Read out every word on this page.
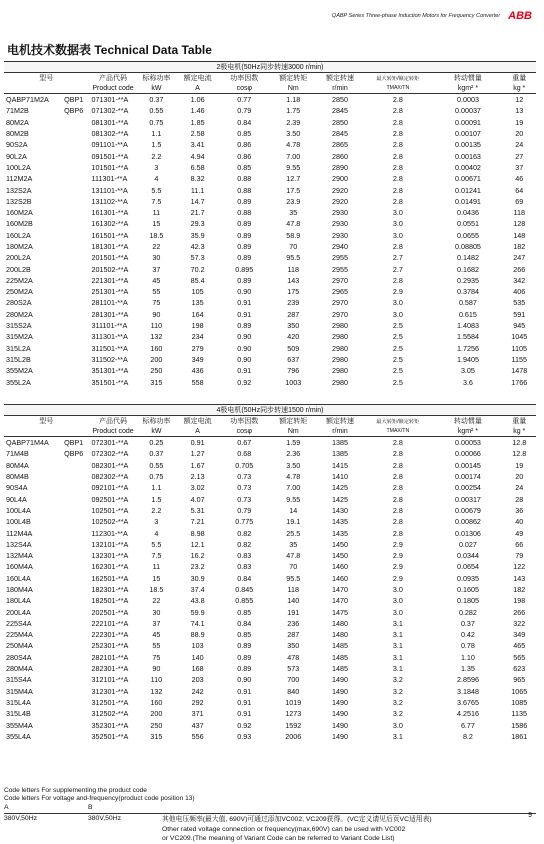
QABP Series Three-phase Induction Motors for Frequency Converter ABB
电机技术数据表 Technical Data Table
2极电机(50Hz同步转速3000 r/min)										
型号		产品代码	标称功率	额定电流	功率因数	额定转矩	额定转速	最大转矩/额定转矩	转动惯量	重量
		Product code	kW	A	cosφ	Nm	r/min	TMAX/TN	kgm² *	kg *
QABP71M2A	QBP1	071301-**A	0.37	1.06	0.77	1.18	2850	2.8	0.0003	12
71M2B	QBP6	071302-**A	0.55	1.46	0.79	1.75	2845	2.8	0.00037	13
80M2A		081301-**A	0.75	1.85	0.84	2.39	2850	2.8	0.00091	19
80M2B		081302-**A	1.1	2.58	0.85	3.50	2845	2.8	0.00107	20
90S2A		091101-**A	1.5	3.41	0.86	4.78	2865	2.8	0.00135	24
90L2A		091501-**A	2.2	4.94	0.86	7.00	2860	2.8	0.00163	27
100L2A		101501-**A	3	6.58	0.85	9.55	2890	2.8	0.00402	37
112M2A		111301-**A	4	8.32	0.88	12.7	2900	2.8	0.00671	46
132S2A		131101-**A	5.5	11.1	0.88	17.5	2920	2.8	0.01241	64
132S2B		131102-**A	7.5	14.7	0.89	23.9	2920	2.8	0.01491	69
160M2A		161301-**A	11	21.7	0.88	35	2930	3.0	0.0436	118
160M2B		161302-**A	15	29.3	0.89	47.8	2930	3.0	0.0551	128
160L2A		161501-**A	18.5	35.9	0.89	58.9	2930	3.0	0.0655	148
180M2A		181301-**A	22	42.3	0.89	70	2940	2.8	0.08805	182
200L2A		201501-**A	30	57.3	0.89	95.5	2955	2.7	0.1482	247
200L2B		201502-**A	37	70.2	0.895	118	2955	2.7	0.1682	266
225M2A		221301-**A	45	85.4	0.89	143	2970	2.8	0.2935	342
250M2A		251301-**A	55	105	0.90	175	2965	2.9	0.3784	406
280S2A		281101-**A	75	135	0.91	239	2970	3.0	0.587	535
280M2A		281301-**A	90	164	0.91	287	2970	3.0	0.615	591
315S2A		311101-**A	110	198	0.89	350	2980	2.5	1.4083	945
315M2A		311301-**A	132	234	0.90	420	2980	2.5	1.5584	1045
315L2A		311501-**A	160	279	0.90	509	2980	2.5	1.7256	1105
315L2B		311502-**A	200	349	0.90	637	2980	2.5	1.9405	1155
355M2A		351301-**A	250	436	0.91	796	2980	2.5	3.05	1478
355L2A		351501-**A	315	558	0.92	1003	2980	2.5	3.6	1766
4极电机(50Hz同步转速1500 r/min)										
型号		产品代码	标称功率	额定电流	功率因数	额定转矩	额定转速	最大转矩/额定转矩	转动惯量	重量
		Product code	kW	A	cosφ	Nm	r/min	TMAX/TN	kgm² *	kg *
QABP71M4A	QBP1	072301-**A	0.25	0.91	0.67	1.59	1385	2.8	0.00053	12.8
71M4B	QBP6	072302-**A	0.37	1.27	0.68	2.36	1385	2.8	0.00066	12.8
80M4A		082301-**A	0.55	1.67	0.705	3.50	1415	2.8	0.00145	19
80M4B		082302-**A	0.75	2.13	0.73	4.78	1410	2.8	0.00174	20
90S4A		092101-**A	1.1	3.02	0.73	7.00	1425	2.8	0.00254	24
90L4A		092501-**A	1.5	4.07	0.73	9.55	1425	2.8	0.00317	28
100L4A		102501-**A	2.2	5.31	0.79	14	1430	2.8	0.00679	36
100L4B		102502-**A	3	7.21	0.775	19.1	1435	2.8	0.00862	40
112M4A		112301-**A	4	8.98	0.82	25.5	1435	2.8	0.01306	49
132S4A		132101-**A	5.5	12.1	0.82	35	1450	2.9	0.027	66
132M4A		132301-**A	7.5	16.2	0.83	47.8	1450	2.9	0.0344	79
160M4A		162301-**A	11	23.2	0.83	70	1460	2.9	0.0654	122
160L4A		162501-**A	15	30.9	0.84	95.5	1460	2.9	0.0935	143
180M4A		182301-**A	18.5	37.4	0.845	118	1470	3.0	0.1605	182
180L4A		182501-**A	22	43.8	0.855	140	1470	3.0	0.1805	198
200L4A		202501-**A	30	59.9	0.85	191	1475	3.0	0.282	266
225S4A		222101-**A	37	74.1	0.84	236	1480	3.1	0.37	322
225M4A		222301-**A	45	88.9	0.85	287	1480	3.1	0.42	349
250M4A		252301-**A	55	103	0.89	350	1485	3.1	0.78	465
280S4A		282101-**A	75	140	0.89	478	1485	3.1	1.10	565
280M4A		282301-**A	90	168	0.89	573	1485	3.1	1.35	623
315S4A		312101-**A	110	203	0.90	700	1490	3.2	2.8596	965
315M4A		312301-**A	132	242	0.91	840	1490	3.2	3.1848	1065
315L4A		312501-**A	160	292	0.91	1019	1490	3.2	3.6765	1085
315L4B		312502-**A	200	371	0.91	1273	1490	3.2	4.2516	1135
355M4A		352301-**A	250	437	0.92	1592	1490	3.0	6.77	1586
355L4A		352501-**A	315	556	0.93	2006	1490	3.1	8.2	1861
Code letters For supplementing the product code
Code letters For voltage and-frequency(product code position 13)
A	B
380V,50Hz	380V,50Hz	其他电压频率(最大值, 690V)可通过添加VC002, VC209获得。(VC定义请见后页VC适用表)
Other rated voltage connection or frequency(max,690V) can be used with VC002
or VC209.(The meaning of Variant Code can be referred to Variant Code List)
9
